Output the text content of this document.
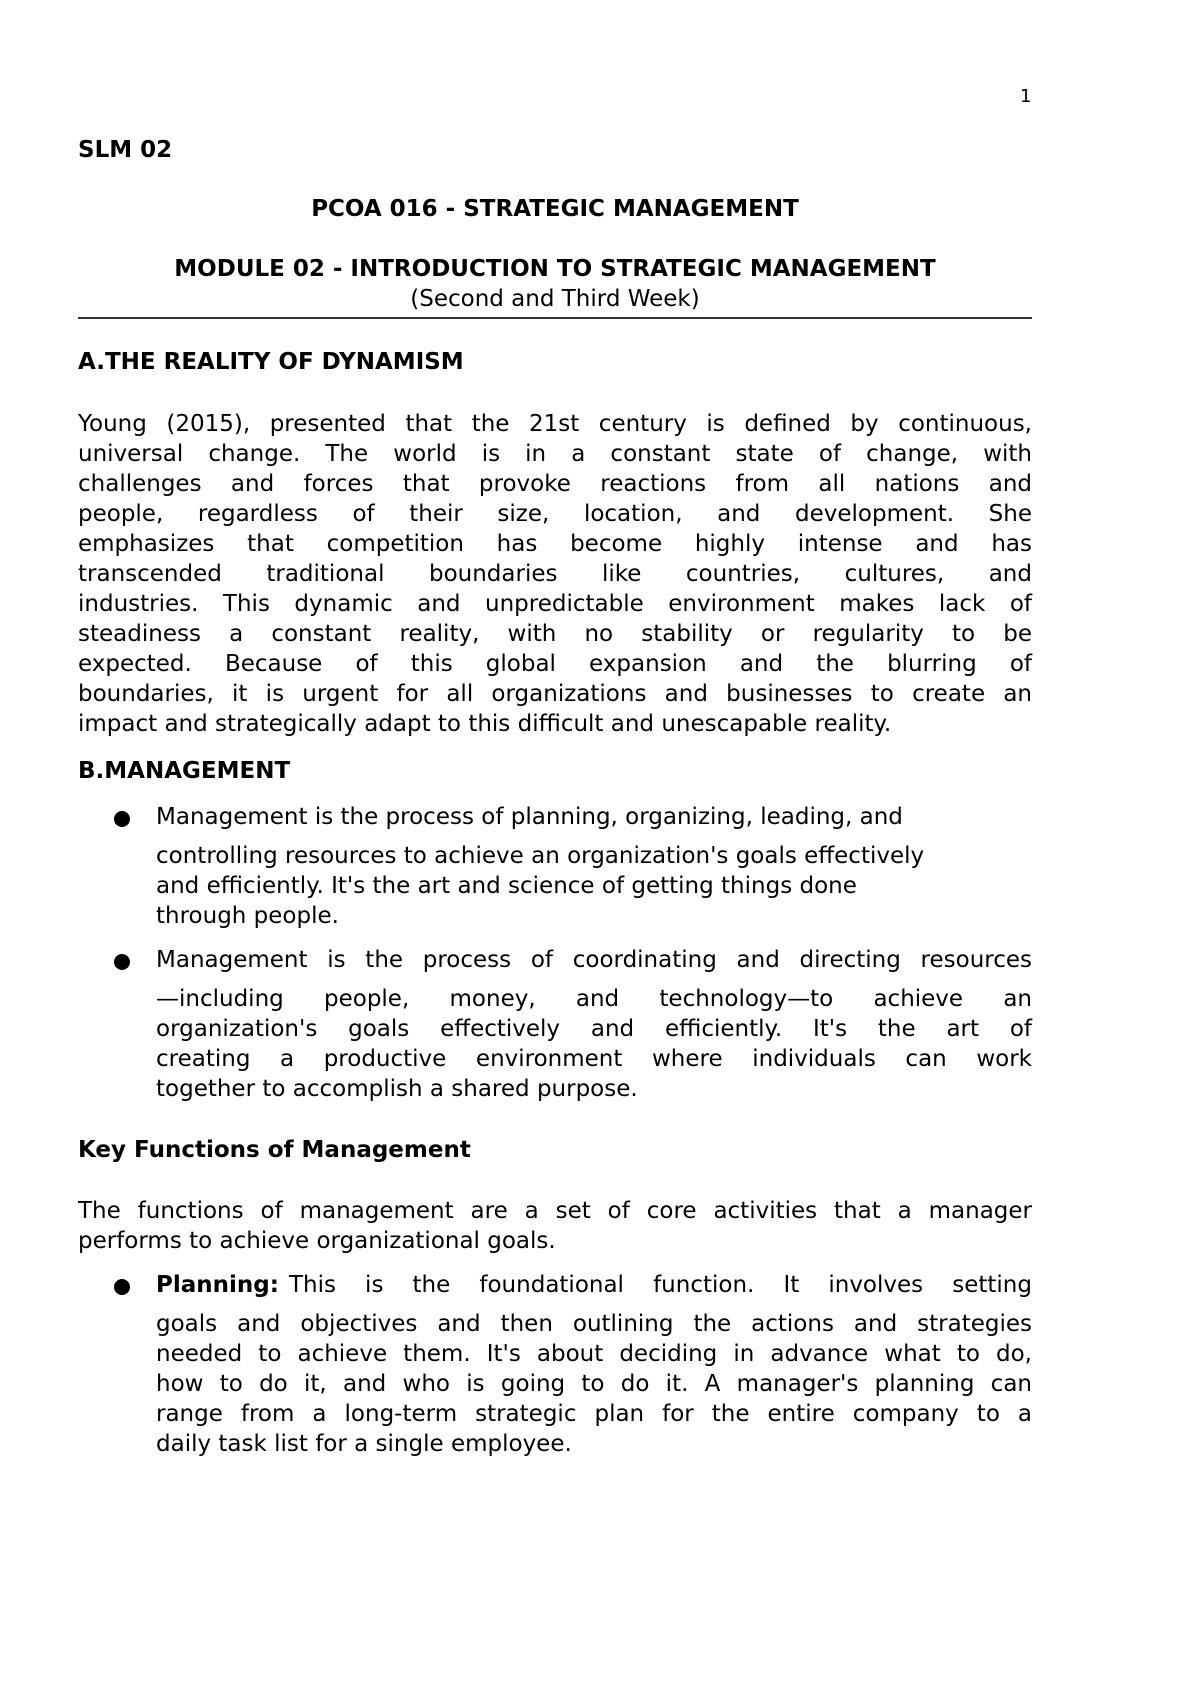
1
SLM 02
PCOA 016 - STRATEGIC MANAGEMENT
MODULE 02 - INTRODUCTION TO STRATEGIC MANAGEMENT
(Second and Third Week)
A.THE REALITY OF DYNAMISM
Young (2015), presented that the 21st century is defined by continuous,
universal change. The world is in a constant state of change, with
challenges and forces that provoke reactions from all nations and
people, regardless of their size, location, and development. She
emphasizes that competition has become highly intense and has
transcended traditional boundaries like countries, cultures, and
industries. This dynamic and unpredictable environment makes lack of
steadiness a constant reality, with no stability or regularity to be
expected. Because of this global expansion and the blurring of
boundaries, it is urgent for all organizations and businesses to create an
impact and strategically adapt to this difficult and unescapable reality.
B.MANAGEMENT
Management is the process of planning, organizing, leading, and
controlling resources to achieve an organization's goals effectively
and efficiently. It's the art and science of getting things done
through people.
Management is the process of coordinating and directing resources
—including people, money, and technology—to achieve an
organization's goals effectively and efficiently. It's the art of
creating a productive environment where individuals can work
together to accomplish a shared purpose.
Key Functions of Management
The functions of management are a set of core activities that a manager
performs to achieve organizational goals.
Planning: This is the foundational function. It involves setting
goals and objectives and then outlining the actions and strategies
needed to achieve them. It's about deciding in advance what to do,
how to do it, and who is going to do it. A manager's planning can
range from a long-term strategic plan for the entire company to a
daily task list for a single employee.
